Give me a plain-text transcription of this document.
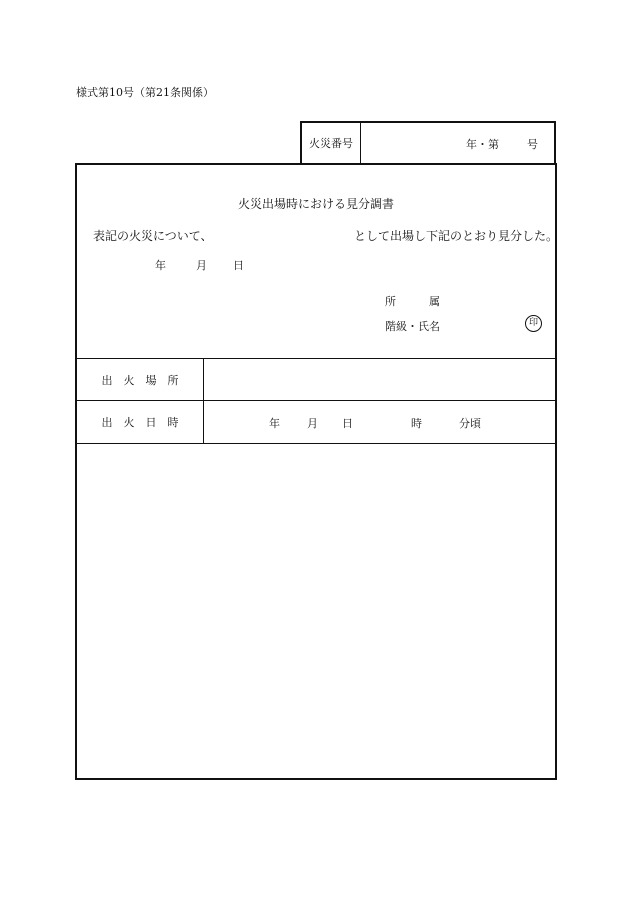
様式第10号（第21条関係）
火災番号	年・第	号
火災出場時における見分調書
表記の火災について、	として出場し下記のとおり見分した。
年	月 日
所　　　属
階級・氏名	印
出　火　場　所
出　火　日　時	年 月 日	時	分頃
